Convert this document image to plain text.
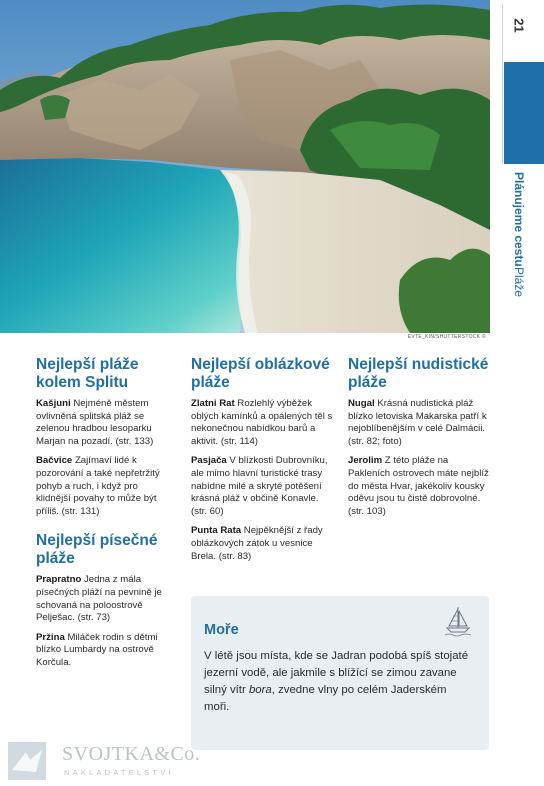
EVTE_KIN/SHUTTERSTOCK ©
21
Plánujeme cestuPláže
Nejlepší pláže kolem Splitu
Kašjuni Nejméně městem ovlivněná splitská pláž se zelenou hradbou lesoparku Marjan na pozadí. (str. 133)
Bačvice Zajímaví lidé k pozorování a také nepřetržitý pohyb a ruch, i když pro klidnější povahy to může být příliš. (str. 131)
Nejlepší písečné pláže
Prapratno Jedna z mála písečných pláží na pevnině je schovaná na poloostrově Pelješac. (str. 73)
Pržina Miláček rodin s dětmi blízko Lumbardy na ostrově Korčula.
Nejlepší oblázkové pláže
Zlatni Rat Rozlehlý výběžek oblých kamínků a opálených těl s nekonečnou nabídkou barů a aktivit. (str. 114)
Pasjača V blízkosti Dubrovníku, ale mimo hlavní turistické trasy nabídne milé a skryté potěšení krásná pláž v občině Konavle. (str. 60)
Punta Rata Nejpěknější z řady oblázkových zátok u vesnice Brela. (str. 83)
Nejlepší nudistické pláže
Nugal Krásná nudistická pláž blízko letoviska Makarska patří k nejoblíbenějším v celé Dalmácii. (str. 82; foto)
Jerolim Z této pláže na Pakleních ostrovech máte nejblíž do města Hvar, jakékoliv kousky oděvu jsou tu čistě dobrovolné. (str. 103)
Moře
V létě jsou místa, kde se Jadran podobá spíš stojaté jezerní vodě, ale jakmile s blížící se zimou zavane silný vítr bora, zvedne vlny po celém Jaderském moři.
SVOJTKA&Co.
NAKLADATELSTVÍ
